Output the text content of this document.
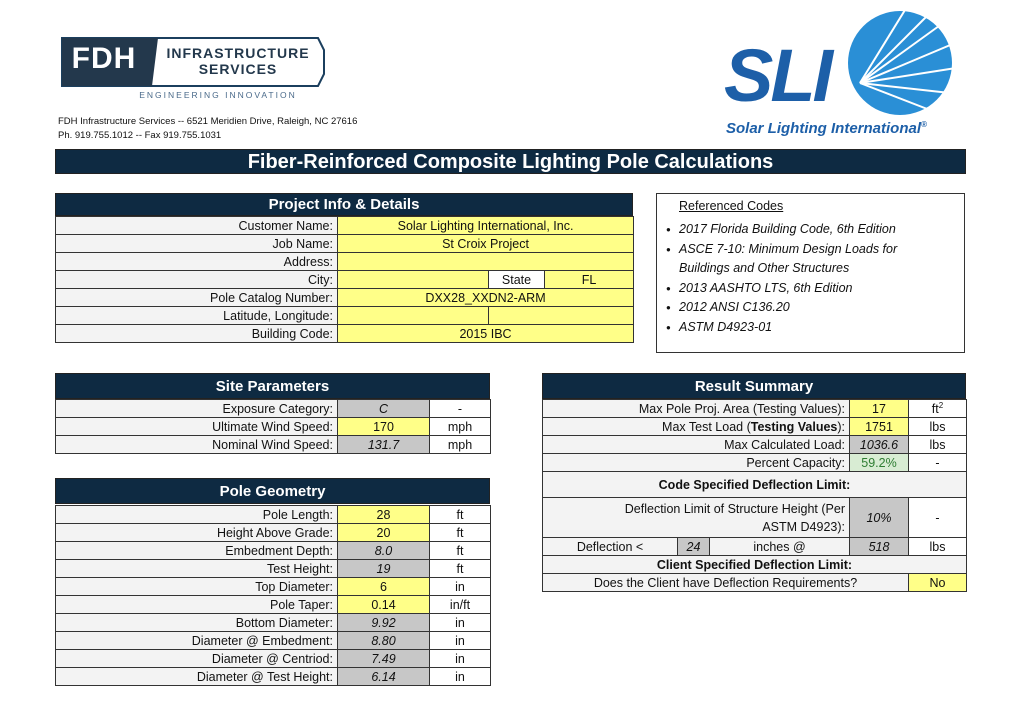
FDH	INFRASTRUCTURE
SERVICES
ENGINEERING INNOVATION
FDH Infrastructure Services -- 6521 Meridien Drive, Raleigh, NC 27616
Ph. 919.755.1012 -- Fax 919.755.1031
SLI
Solar Lighting International®
Fiber-Reinforced Composite Lighting Pole Calculations
Project Info & Details
Customer Name:	Solar Lighting International, Inc.		
Job Name:	St Croix Project		
Address:			
City:		State	FL
Pole Catalog Number:	DXX28_XXDN2-ARM		
Latitude, Longitude:			
Building Code:	2015 IBC		
Referenced Codes
● 2017 Florida Building Code, 6th Edition
● ASCE 7-10: Minimum Design Loads for
Buildings and Other Structures
● 2013 AASHTO LTS, 6th Edition
● 2012 ANSI C136.20
● ASTM D4923-01
Site Parameters
Exposure Category:	C	-
Ultimate Wind Speed:	170	mph
Nominal Wind Speed:	131.7	mph
Pole Geometry
Pole Length:	28	ft
Height Above Grade:	20	ft
Embedment Depth:	8.0	ft
Test Height:	19	ft
Top Diameter:	6	in
Pole Taper:	0.14	in/ft
Bottom Diameter:	9.92	in
Diameter @ Embedment:	8.80	in
Diameter @ Centriod:	7.49	in
Diameter @ Test Height:	6.14	in
Result Summary
Max Pole Proj. Area (Testing Values):			17	$ft^2$
Max Test Load (Testing Values):			1751	lbs
Max Calculated Load:			1036.6	lbs
Percent Capacity:			59.2%	-
Code Specified Deflection Limit:				
Deflection Limit of Structure Height (Per
ASTM D4923):			10%	-
Deflection <	24	inches @	518	lbs
Client Specified Deflection Limit:				
Does the Client have Deflection Requirements?				No
